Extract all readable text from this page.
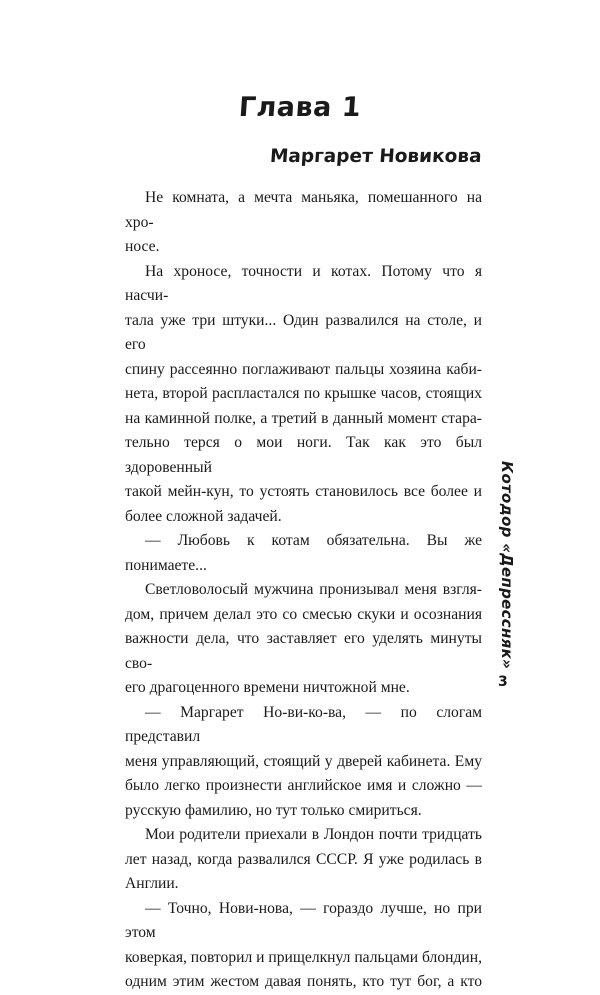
Глава 1
Маргарет Новикова

Не комната, а мечта маньяка, помешанного на хро-
носе.

На хроносе, точности и котах. Потому что я насчи-
тала уже три штуки... Один развалился на столе, и его
спину рассеянно поглаживают пальцы хозяина каби-
нета, второй распластался по крышке часов, стоящих
на каминной полке, а третий в данный момент стара-
тельно терся о мои ноги. Так как это был здоровенный
такой мейн-кун, то устоять становилось все более и
более сложной задачей.

— Любовь к котам обязательна. Вы же понимаете...

Светловолосый мужчина пронизывал меня взгля-
дом, причем делал это со смесью скуки и осознания
важности дела, что заставляет его уделять минуты сво-
его драгоценного времени ничтожной мне.

— Маргарет Но-ви-ко-ва, — по слогам представил
меня управляющий, стоящий у дверей кабинета. Ему
было легко произнести английское имя и сложно —
русскую фамилию, но тут только смириться.

Мои родители приехали в Лондон почти тридцать
лет назад, когда развалился СССР. Я уже родилась в
Англии.

— Точно, Нови-нова, — гораздо лучше, но при этом
коверкая, повторил и прищелкнул пальцами блондин,
одним этим жестом давая понять, кто тут бог, а кто

Котодор «Депрессняк»
3
